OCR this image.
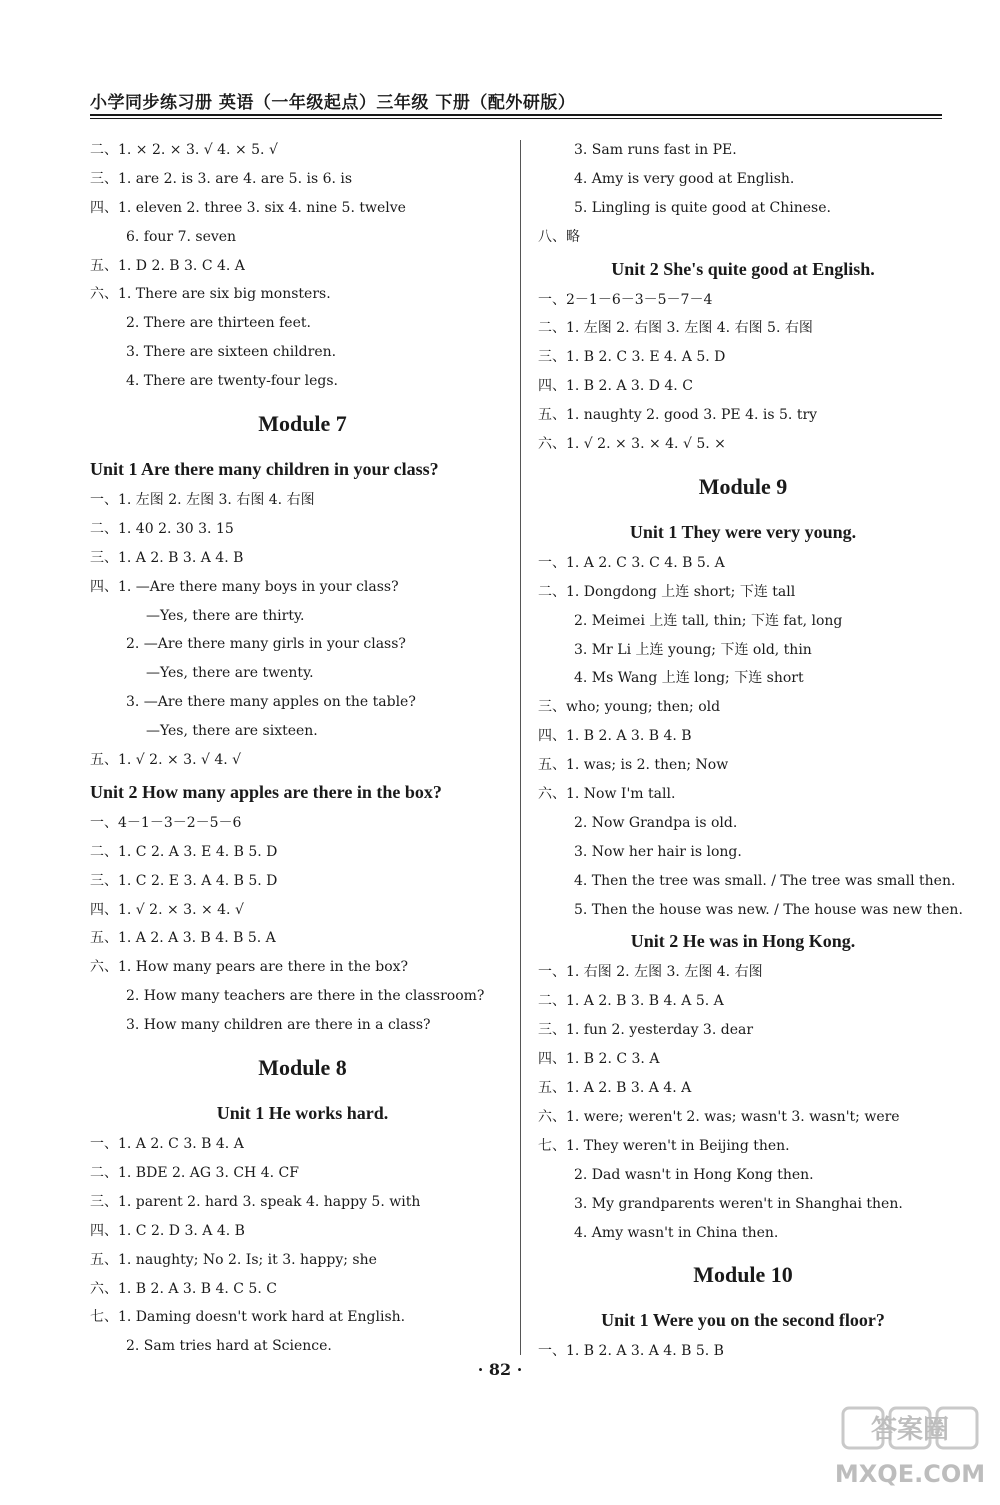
小学同步练习册 英语（一年级起点）三年级 下册（配外研版）
二、1. × 2. × 3. √ 4. × 5. √
三、1. are 2. is 3. are 4. are 5. is 6. is
四、1. eleven 2. three 3. six 4. nine 5. twelve
6. four 7. seven
五、1. D 2. B 3. C 4. A
六、1. There are six big monsters.
2. There are thirteen feet.
3. There are sixteen children.
4. There are twenty-four legs.
Module 7
Unit 1 Are there many children in your class?
一、1. 左图 2. 左图 3. 右图 4. 右图
二、1. 40 2. 30 3. 15
三、1. A 2. B 3. A 4. B
四、1. —Are there many boys in your class?
—Yes, there are thirty.
2. —Are there many girls in your class?
—Yes, there are twenty.
3. —Are there many apples on the table?
—Yes, there are sixteen.
五、1. √ 2. × 3. √ 4. √
Unit 2 How many apples are there in the box?
一、4－1－3－2－5－6
二、1. C 2. A 3. E 4. B 5. D
三、1. C 2. E 3. A 4. B 5. D
四、1. √ 2. × 3. × 4. √
五、1. A 2. A 3. B 4. B 5. A
六、1. How many pears are there in the box?
2. How many teachers are there in the classroom?
3. How many children are there in a class?
Module 8
Unit 1 He works hard.
一、1. A 2. C 3. B 4. A
二、1. BDE 2. AG 3. CH 4. CF
三、1. parent 2. hard 3. speak 4. happy 5. with
四、1. C 2. D 3. A 4. B
五、1. naughty; No 2. Is; it 3. happy; she
六、1. B 2. A 3. B 4. C 5. C
七、1. Daming doesn't work hard at English.
2. Sam tries hard at Science.
3. Sam runs fast in PE.
4. Amy is very good at English.
5. Lingling is quite good at Chinese.
八、略
Unit 2 She's quite good at English.
一、2－1－6－3－5－7－4
二、1. 左图 2. 右图 3. 左图 4. 右图 5. 右图
三、1. B 2. C 3. E 4. A 5. D
四、1. B 2. A 3. D 4. C
五、1. naughty 2. good 3. PE 4. is 5. try
六、1. √ 2. × 3. × 4. √ 5. ×
Module 9
Unit 1 They were very young.
一、1. A 2. C 3. C 4. B 5. A
二、1. Dongdong 上连 short; 下连 tall
2. Meimei 上连 tall, thin; 下连 fat, long
3. Mr Li 上连 young; 下连 old, thin
4. Ms Wang 上连 long; 下连 short
三、who; young; then; old
四、1. B 2. A 3. B 4. B
五、1. was; is 2. then; Now
六、1. Now I'm tall.
2. Now Grandpa is old.
3. Now her hair is long.
4. Then the tree was small. / The tree was small then.
5. Then the house was new. / The house was new then.
Unit 2 He was in Hong Kong.
一、1. 右图 2. 左图 3. 左图 4. 右图
二、1. A 2. B 3. B 4. A 5. A
三、1. fun 2. yesterday 3. dear
四、1. B 2. C 3. A
五、1. A 2. B 3. A 4. A
六、1. were; weren't 2. was; wasn't 3. wasn't; were
七、1. They weren't in Beijing then.
2. Dad wasn't in Hong Kong then.
3. My grandparents weren't in Shanghai then.
4. Amy wasn't in China then.
Module 10
Unit 1 Were you on the second floor?
一、1. B 2. A 3. A 4. B 5. B
· 82 ·
答案圈
MXQE.COM
